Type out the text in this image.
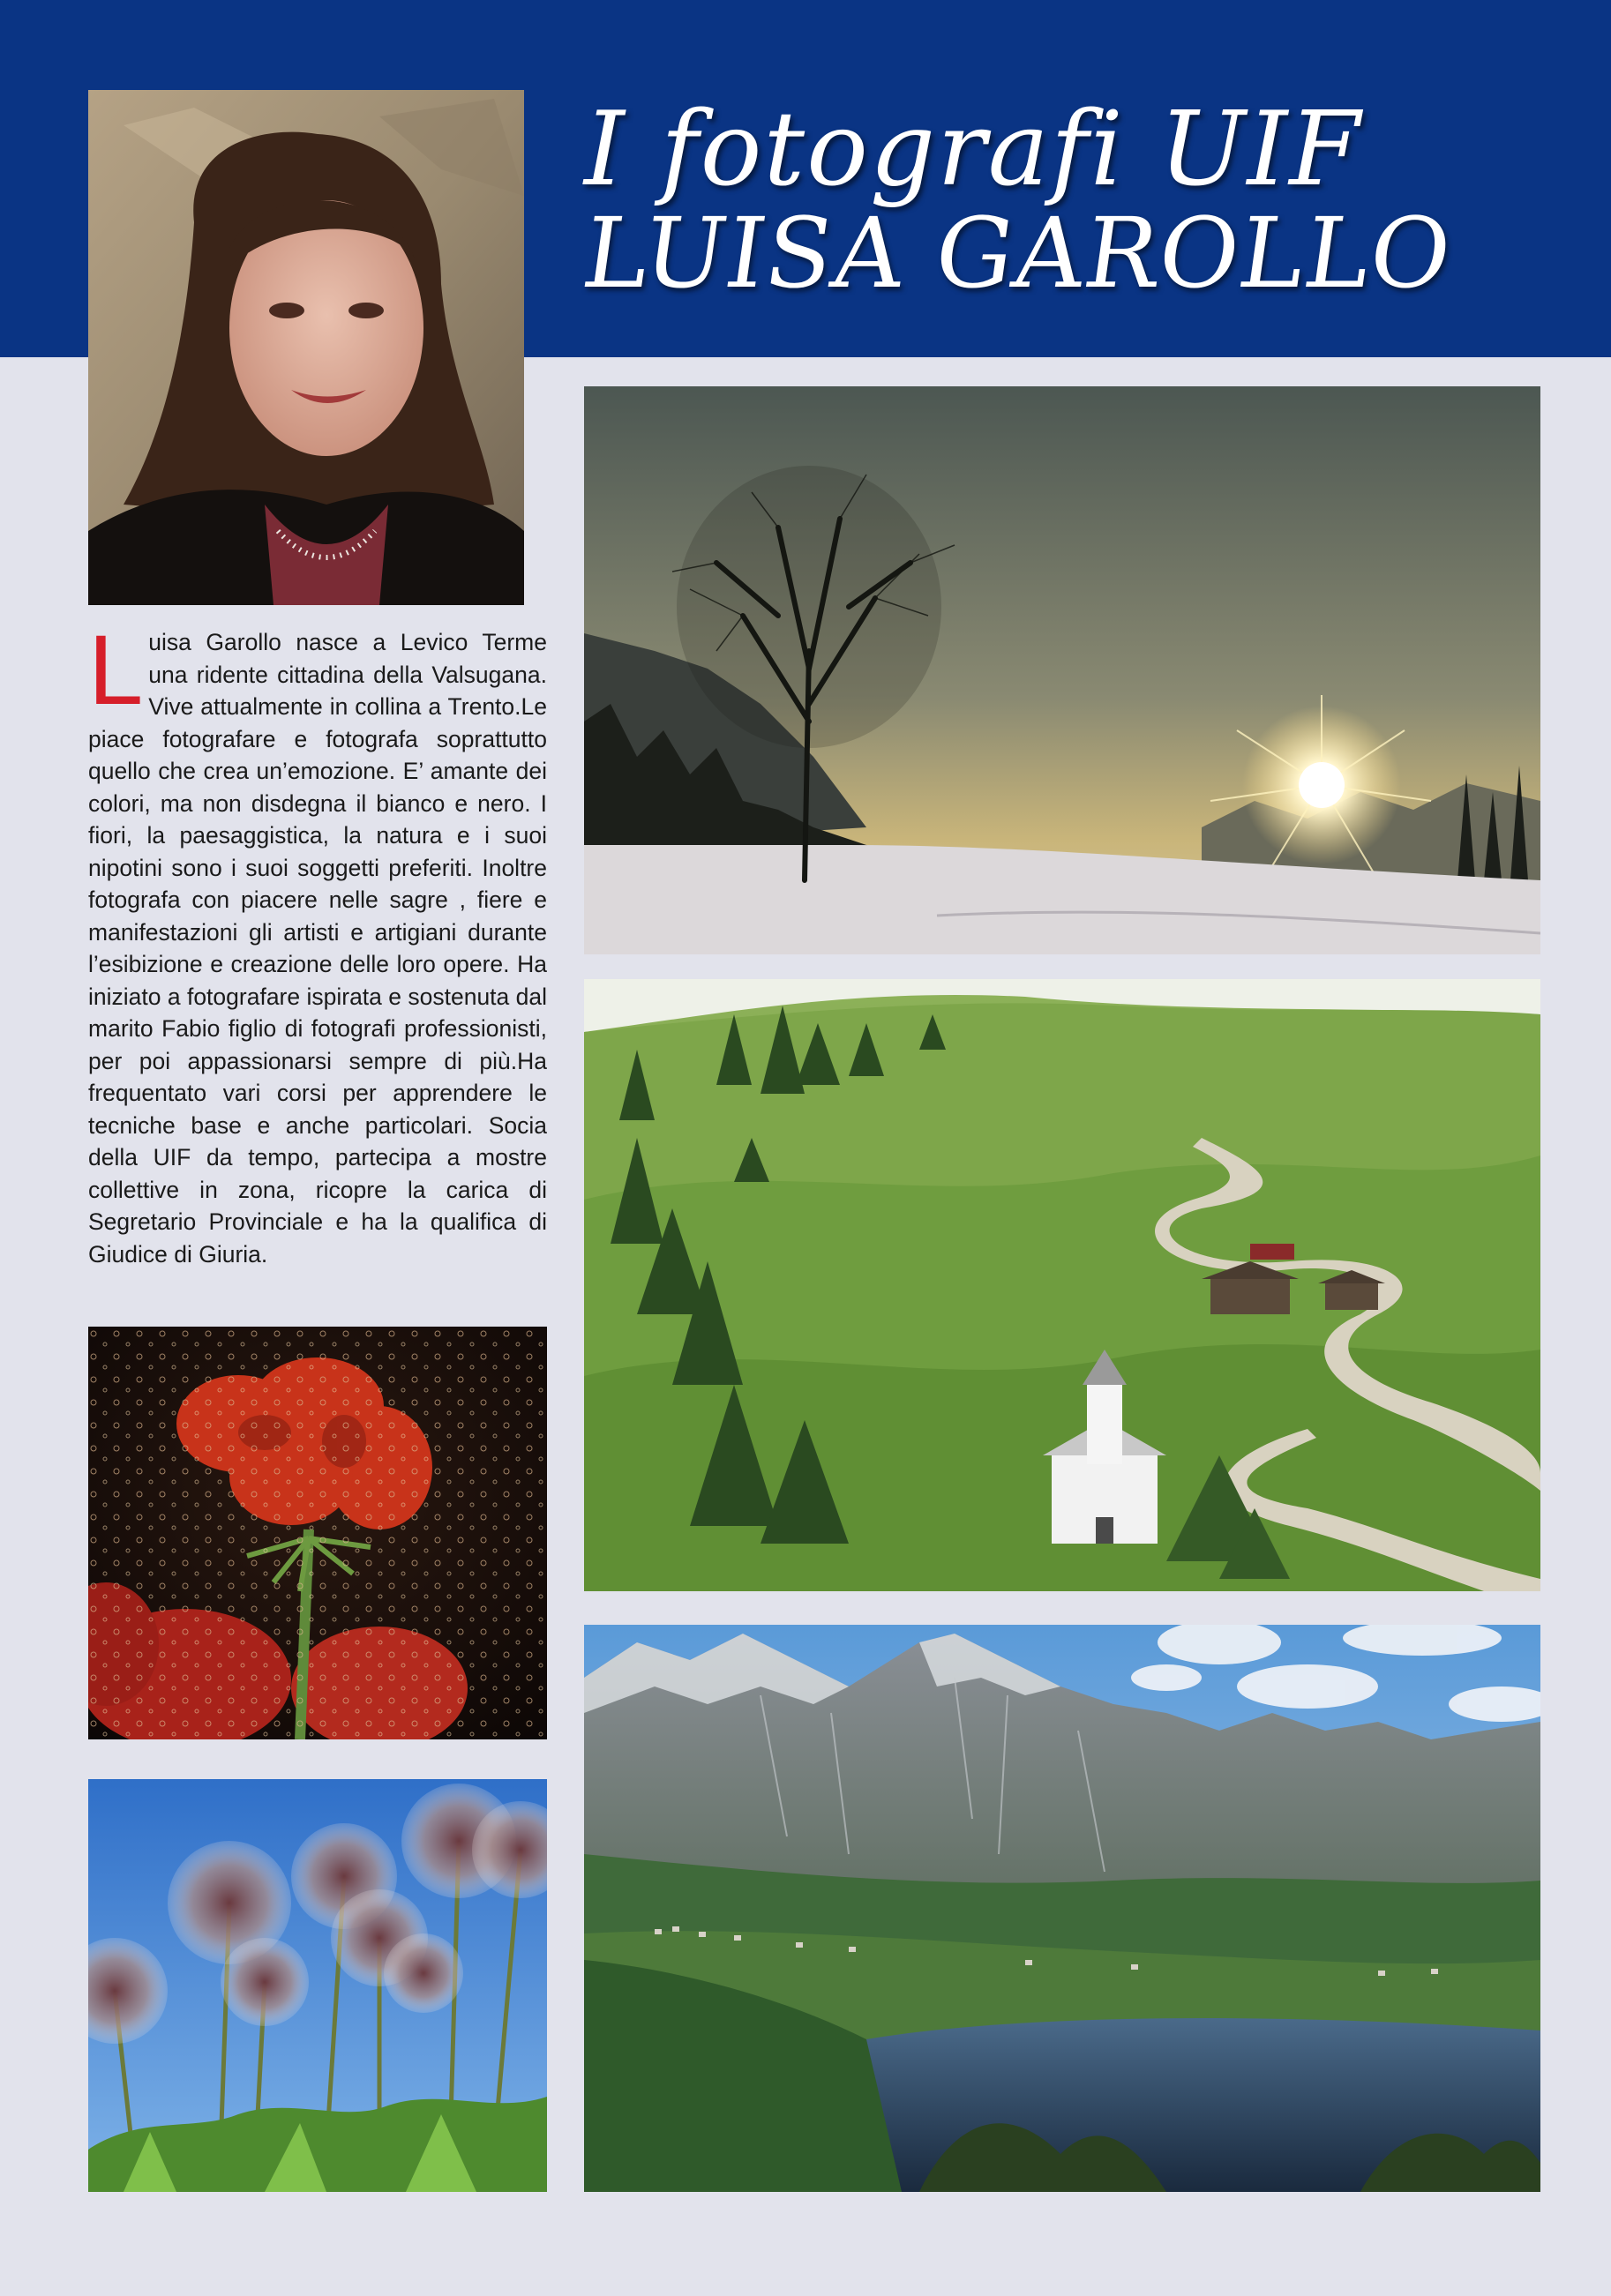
I fotografi UIF
LUISA GAROLLO

Luisa Garollo nasce a Levico Terme una ridente cittadina della Valsugana. Vive attualmente in collina a Trento.Le piace fotografare e fotografa soprattutto quello che crea un’emozione. E’ amante dei colori, ma non disdegna il bianco e nero. I fiori, la paesaggistica, la natura e i suoi nipotini sono i suoi soggetti preferiti. Inoltre fotografa con piacere nelle sagre , fiere e manifestazioni gli artisti e artigiani durante l’esibizione e creazione delle loro opere. Ha iniziato a fotografare ispirata e sostenuta dal marito Fabio figlio di fotografi professionisti, per poi appassionarsi sempre di più.Ha frequentato vari corsi per apprendere le tecniche base e anche particolari. Socia della UIF da tempo, partecipa a mostre collettive in zona, ricopre la carica di Segretario Provinciale e ha la qualifica di Giudice di Giuria.
